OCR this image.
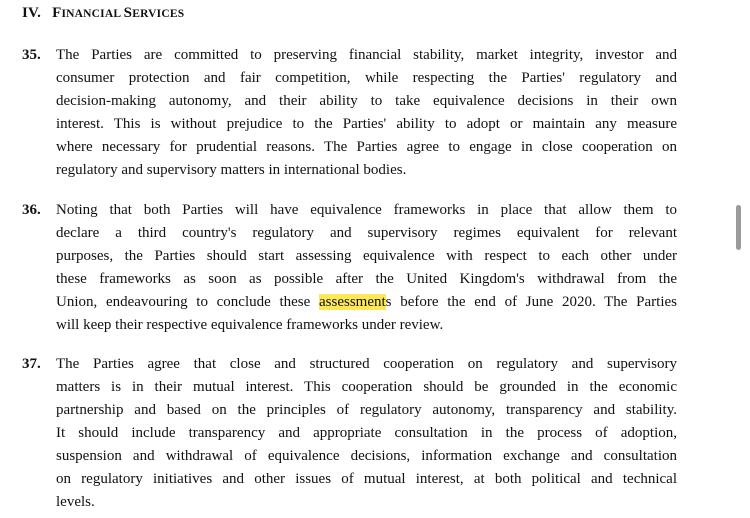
IV. FINANCIAL SERVICES
35. The Parties are committed to preserving financial stability, market integrity, investor and
consumer protection and fair competition, while respecting the Parties' regulatory and
decision-making autonomy, and their ability to take equivalence decisions in their own
interest. This is without prejudice to the Parties' ability to adopt or maintain any measure
where necessary for prudential reasons. The Parties agree to engage in close cooperation on
regulatory and supervisory matters in international bodies.
36. Noting that both Parties will have equivalence frameworks in place that allow them to
declare a third country's regulatory and supervisory regimes equivalent for relevant
purposes, the Parties should start assessing equivalence with respect to each other under
these frameworks as soon as possible after the United Kingdom's withdrawal from the
Union, endeavouring to conclude these assessments before the end of June 2020. The Parties
will keep their respective equivalence frameworks under review.
37. The Parties agree that close and structured cooperation on regulatory and supervisory
matters is in their mutual interest. This cooperation should be grounded in the economic
partnership and based on the principles of regulatory autonomy, transparency and stability.
It should include transparency and appropriate consultation in the process of adoption,
suspension and withdrawal of equivalence decisions, information exchange and consultation
on regulatory initiatives and other issues of mutual interest, at both political and technical
levels.
